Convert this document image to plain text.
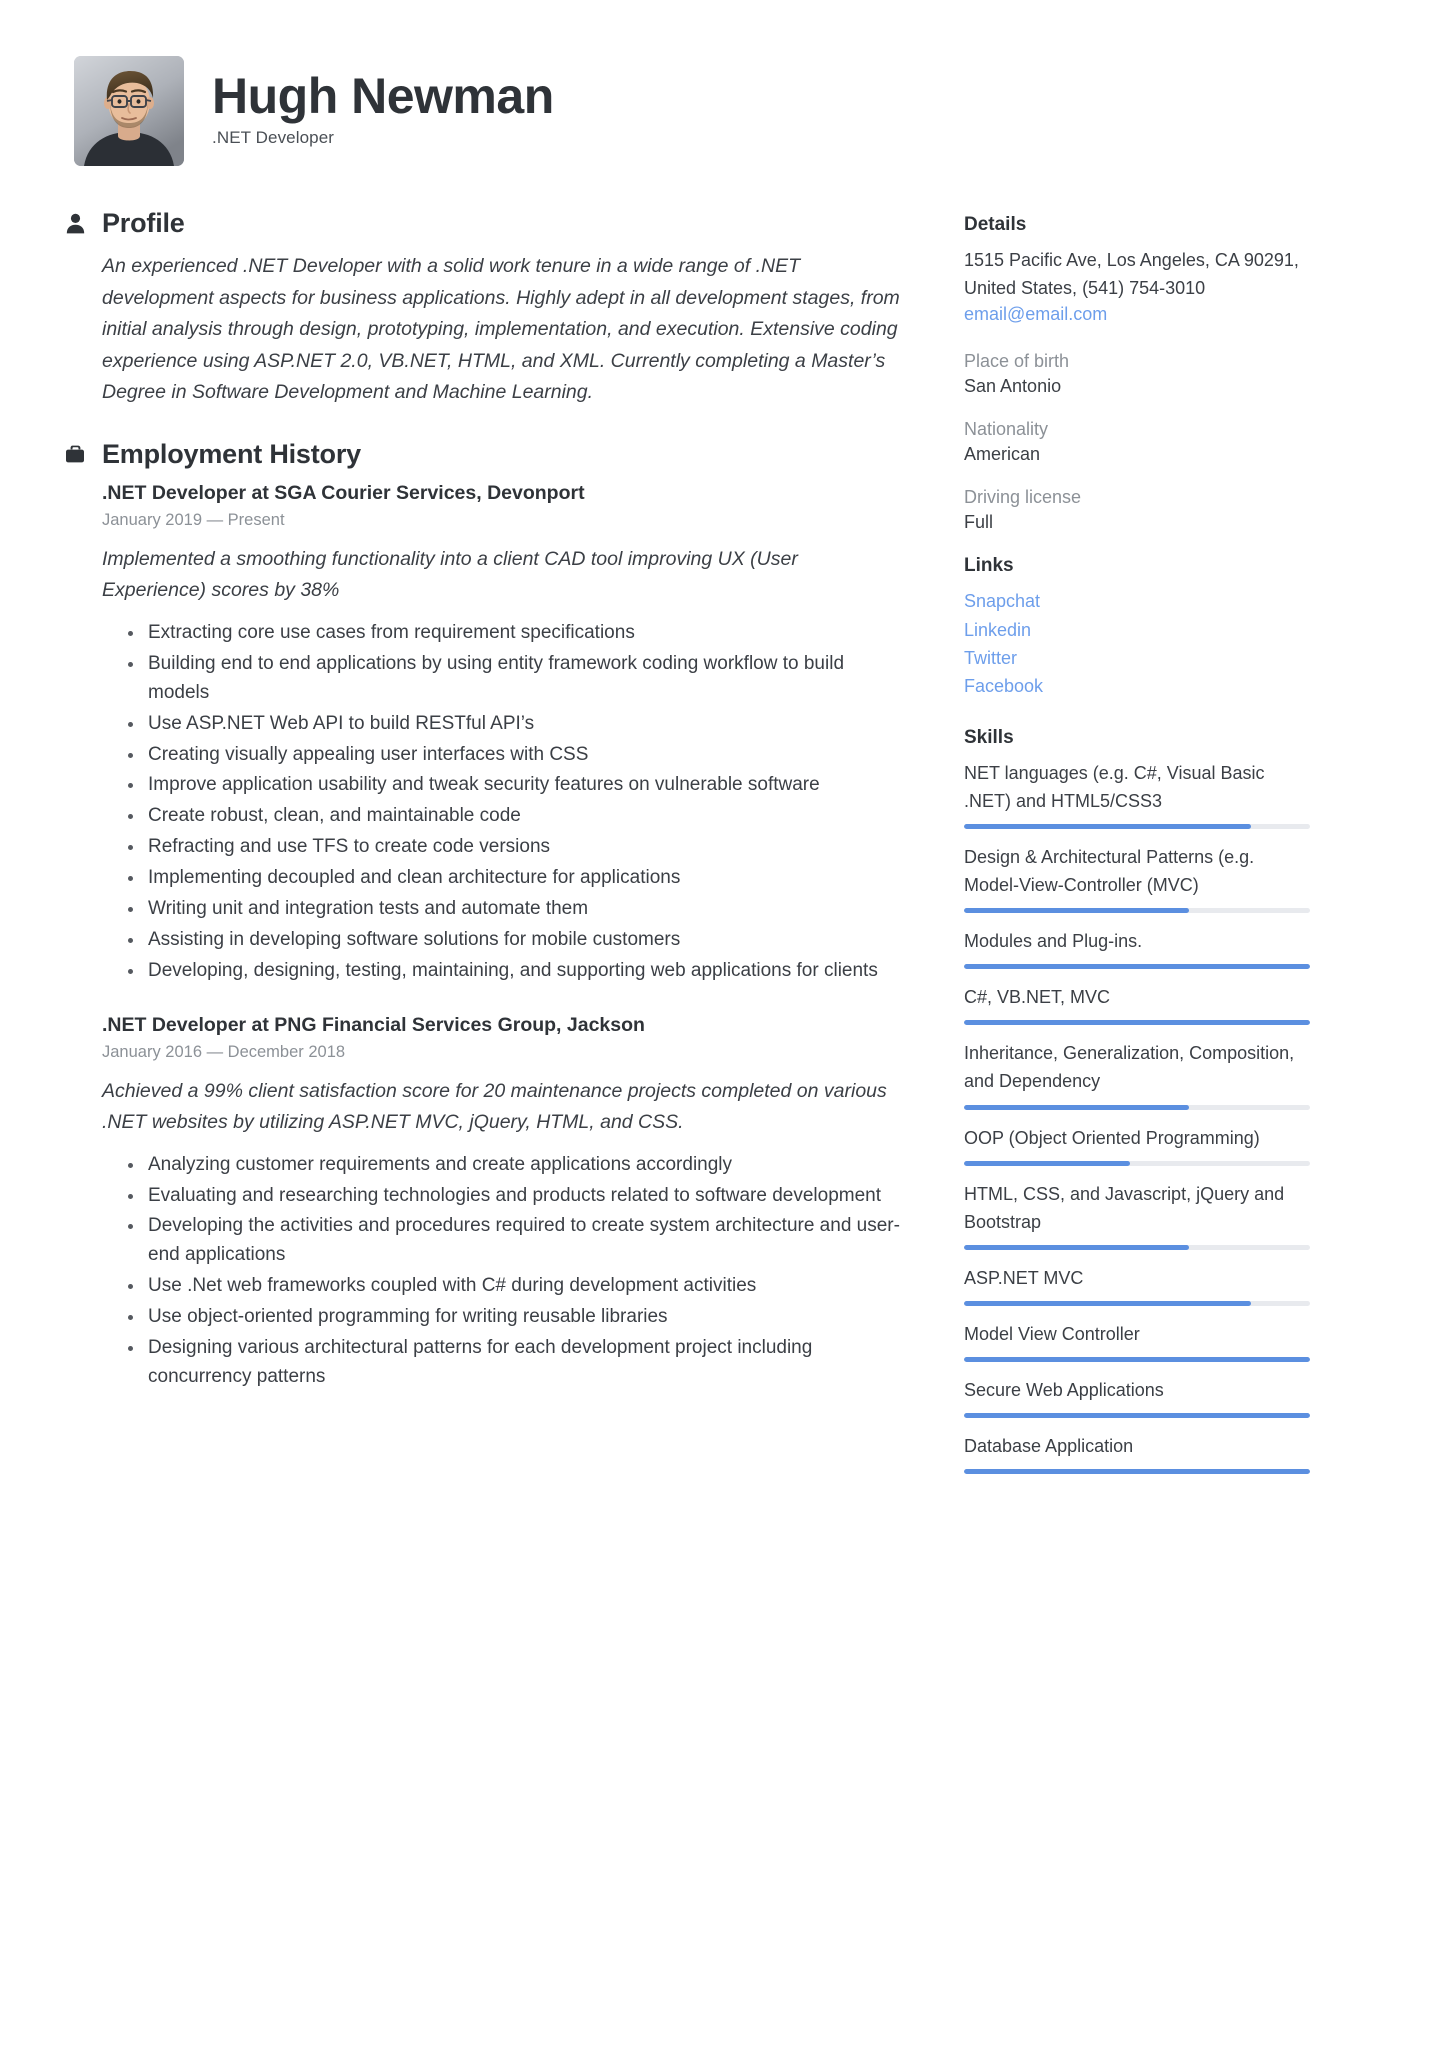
Hugh Newman

.NET Developer

Profile

An experienced .NET Developer with a solid work tenure in a wide range of .NET development aspects for business applications. Highly adept in all development stages, from initial analysis through design, prototyping, implementation, and execution. Extensive coding experience using ASP.NET 2.0, VB.NET, HTML, and XML. Currently completing a Master’s Degree in Software Development and Machine Learning.

Employment History

.NET Developer at SGA Courier Services, Devonport

January 2019 — Present

Implemented a smoothing functionality into a client CAD tool improving UX (User Experience) scores by 38%

Extracting core use cases from requirement specifications
Building end to end applications by using entity framework coding workflow to build models
Use ASP.NET Web API to build RESTful API’s
Creating visually appealing user interfaces with CSS
Improve application usability and tweak security features on vulnerable software
Create robust, clean, and maintainable code
Refracting and use TFS to create code versions
Implementing decoupled and clean architecture for applications
Writing unit and integration tests and automate them
Assisting in developing software solutions for mobile customers
Developing, designing, testing, maintaining, and supporting web applications for clients

.NET Developer at PNG Financial Services Group, Jackson

January 2016 — December 2018

Achieved a 99% client satisfaction score for 20 maintenance projects completed on various .NET websites by utilizing ASP.NET MVC, jQuery, HTML, and CSS.

Analyzing customer requirements and create applications accordingly
Evaluating and researching technologies and products related to software development
Developing the activities and procedures required to create system architecture and user-end applications
Use .Net web frameworks coupled with C# during development activities
Use object-oriented programming for writing reusable libraries
Designing various architectural patterns for each development project including concurrency patterns

Details

1515 Pacific Ave, Los Angeles, CA 90291, United States, (541) 754-3010

email@email.com

Place of birth

San Antonio

Nationality

American

Driving license

Full

Links

Snapchat
Linkedin
Twitter
Facebook

Skills

NET languages (e.g. C#, Visual Basic .NET) and HTML5/CSS3

Design & Architectural Patterns (e.g. Model-View-Controller (MVC)

Modules and Plug-ins.

C#, VB.NET, MVC

Inheritance, Generalization, Composition, and Dependency

OOP (Object Oriented Programming)

HTML, CSS, and Javascript, jQuery and Bootstrap

ASP.NET MVC

Model View Controller

Secure Web Applications

Database Application
